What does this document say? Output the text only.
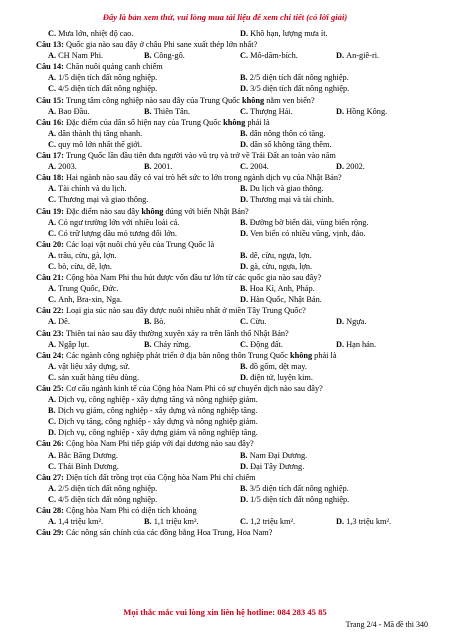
Đây là bản xem thử, vui lòng mua tài liệu để xem chi tiết (có lời giải)
C. Mưa lớn, nhiệt độ cao.	D. Khô hạn, lượng mưa ít.
Câu 13: Quốc gia nào sau đây ở châu Phi sane xuất thép lớn nhất?
A. CH Nam Phi.	B. Công-gô.	C. Mô-dăm-bích.	D. An-giê-ri.
Câu 14: Chăn nuôi quảng canh chiếm
A. 1/5 diện tích đất nông nghiệp.	B. 2/5 diện tích đất nông nghiệp.
C. 4/5 diện tích đất nông nghiệp.	D. 3/5 diện tích đất nông nghiệp.
Câu 15: Trung tâm công nghiệp nào sau đây của Trung Quốc không nằm ven biển?
A. Bao Đầu.	B. Thiên Tân.	C. Thượng Hải.	D. Hồng Kông.
Câu 16: Đặc điểm của dân số hiện nay của Trung Quốc không phải là
A. dân thành thị tăng nhanh.	B. dân nông thôn có tăng.
C. quy mô lớn nhất thế giới.	D. dân số không tăng thêm.
Câu 17: Trung Quốc lần đầu tiên đưa người vào vũ trụ và trở về Trái Đất an toàn vào năm
A. 2003.	B. 2001.	C. 2004.	D. 2002.
Câu 18: Hai ngành nào sau đây có vai trò hết sức to lớn trong ngành dịch vụ của Nhật Bản?
A. Tài chính và du lịch.	B. Du lịch và giao thông.
C. Thương mại và giao thông.	D. Thương mại và tài chính.
Câu 19: Đặc điểm nào sau đây không đúng với biển Nhật Bản?
A. Có ngư trường lớn với nhiều loài cá.	B. Đường bờ biển dài, vùng biển rộng.
C. Có trữ lượng dầu mỏ tương đối lớn.	D. Ven biển có nhiều vũng, vịnh, đảo.
Câu 20: Các loại vật nuôi chủ yếu của Trung Quốc là
A. trâu, cừu, gà, lợn.	B. dê, cừu, ngựa, lợn.
C. bò, cừu, dê, lợn.	D. gà, cừu, ngựa, lợn.
Câu 21: Cộng hòa Nam Phi thu hút được vốn đầu tư lớn từ các quốc gia nào sau đây?
A. Trung Quốc, Đức.	B. Hoa Kì, Anh, Pháp.
C. Anh, Bra-xin, Nga.	D. Hàn Quốc, Nhật Bản.
Câu 22: Loại gia súc nào sau đây được nuôi nhiều nhất ở miền Tây Trung Quốc?
A. Dê.	B. Bò.	C. Cừu.	D. Ngựa.
Câu 23: Thiên tai nào sau đây thường xuyên xảy ra trên lãnh thổ Nhật Bản?
A. Ngập lụt.	B. Cháy rừng.	C. Động đất.	D. Hạn hán.
Câu 24: Các ngành công nghiệp phát triển ở địa bàn nông thôn Trung Quốc không phải là
A. vật liệu xây dựng, sứ.	B. đồ gốm, dệt may.
C. sản xuất hàng tiêu dùng.	D. điện tử, luyện kim.
Câu 25: Cơ cấu ngành kinh tế của Cộng hòa Nam Phi có sự chuyển dịch nào sau đây?
A. Dịch vụ, công nghiệp - xây dựng tăng và nông nghiệp giảm.
B. Dịch vụ giảm, công nghiệp - xây dựng và nông nghiệp tăng.
C. Dịch vụ tăng, công nghiệp - xây dựng và nông nghiệp giảm.
D. Dịch vụ, công nghiệp - xây dựng giảm và nông nghiệp tăng.
Câu 26: Cộng hòa Nam Phi tiếp giáp với đại dương nào sau đây?
A. Bắc Băng Dương.	B. Nam Đại Dương.
C. Thái Bình Dương.	D. Đại Tây Dương.
Câu 27: Diện tích đất trồng trọt của Cộng hòa Nam Phi chỉ chiếm
A. 2/5 diện tích đất nông nghiệp.	B. 3/5 diện tích đất nông nghiệp.
C. 4/5 diện tích đất nông nghiệp.	D. 1/5 diện tích đất nông nghiệp.
Câu 28: Cộng hòa Nam Phi có diện tích khoảng
A. 1,4 triệu km².	B. 1,1 triệu km².	C. 1,2 triệu km².	D. 1,3 triệu km².
Câu 29: Các nông sản chính của các đồng bằng Hoa Trung, Hoa Nam?
Mọi thắc mắc vui lòng xin liên hệ hotline: 084 283 45 85
Trang 2/4 - Mã đề thi 340
